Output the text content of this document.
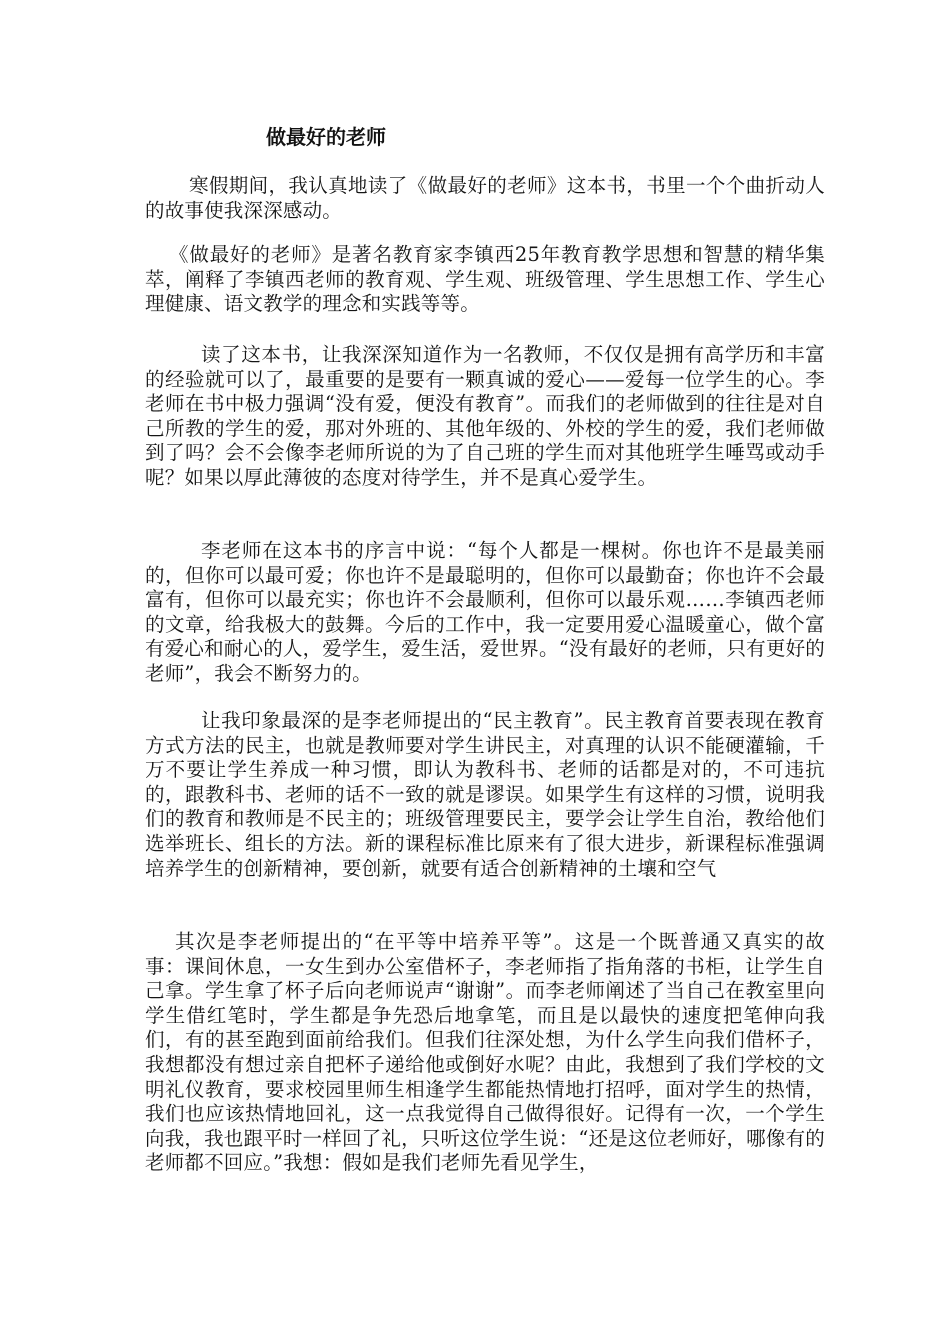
做最好的老师

寒假期间，我认真地读了《做最好的老师》这本书，书里一个个曲折动人的故事使我深深感动。

《做最好的老师》是著名教育家李镇西25年教育教学思想和智慧的精华集萃，阐释了李镇西老师的教育观、学生观、班级管理、学生思想工作、学生心理健康、语文教学的理念和实践等等。

读了这本书，让我深深知道作为一名教师，不仅仅是拥有高学历和丰富的经验就可以了，最重要的是要有一颗真诚的爱心——爱每一位学生的心。李老师在书中极力强调“没有爱，便没有教育”。而我们的老师做到的往往是对自己所教的学生的爱，那对外班的、其他年级的、外校的学生的爱，我们老师做到了吗？会不会像李老师所说的为了自己班的学生而对其他班学生唾骂或动手呢？如果以厚此薄彼的态度对待学生，并不是真心爱学生。

李老师在这本书的序言中说：“每个人都是一棵树。你也许不是最美丽的，但你可以最可爱；你也许不是最聪明的，但你可以最勤奋；你也许不会最富有，但你可以最充实；你也许不会最顺利，但你可以最乐观……李镇西老师的文章，给我极大的鼓舞。今后的工作中，我一定要用爱心温暖童心，做个富有爱心和耐心的人，爱学生，爱生活，爱世界。“没有最好的老师，只有更好的老师”，我会不断努力的。

让我印象最深的是李老师提出的“民主教育”。民主教育首要表现在教育方式方法的民主，也就是教师要对学生讲民主，对真理的认识不能硬灌输，千万不要让学生养成一种习惯，即认为教科书、老师的话都是对的，不可违抗的，跟教科书、老师的话不一致的就是谬误。如果学生有这样的习惯，说明我们的教育和教师是不民主的；班级管理要民主，要学会让学生自治，教给他们选举班长、组长的方法。新的课程标准比原来有了很大进步，新课程标准强调培养学生的创新精神，要创新，就要有适合创新精神的土壤和空气

其次是李老师提出的“在平等中培养平等”。这是一个既普通又真实的故事：课间休息，一女生到办公室借杯子，李老师指了指角落的书柜，让学生自己拿。学生拿了杯子后向老师说声“谢谢”。而李老师阐述了当自己在教室里向学生借红笔时，学生都是争先恐后地拿笔，而且是以最快的速度把笔伸向我们，有的甚至跑到面前给我们。但我们往深处想，为什么学生向我们借杯子，我想都没有想过亲自把杯子递给他或倒好水呢？由此，我想到了我们学校的文明礼仪教育，要求校园里师生相逢学生都能热情地打招呼，面对学生的热情，我们也应该热情地回礼，这一点我觉得自己做得很好。记得有一次，一个学生向我，我也跟平时一样回了礼，只听这位学生说：“还是这位老师好，哪像有的老师都不回应。”我想：假如是我们老师先看见学生，
